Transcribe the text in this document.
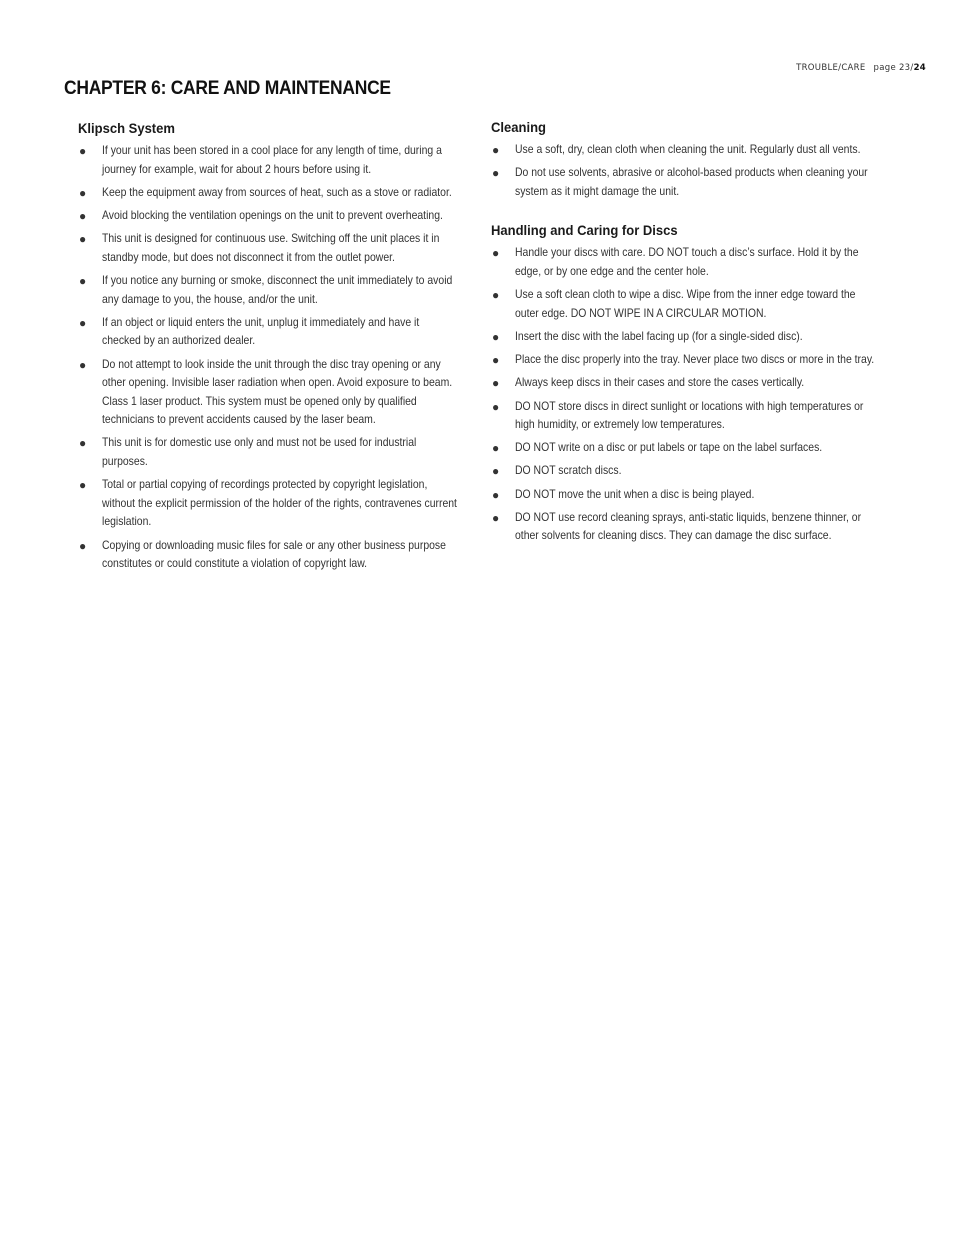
TROUBLE/CARE page 23/24
CHAPTER 6: CARE AND MAINTENANCE
Klipsch System
● If your unit has been stored in a cool place for any length of time, during a journey for example, wait for about 2 hours before using it.
● Keep the equipment away from sources of heat, such as a stove or radiator.
● Avoid blocking the ventilation openings on the unit to prevent overheating.
● This unit is designed for continuous use. Switching off the unit places it in standby mode, but does not disconnect it from the outlet power.
● If you notice any burning or smoke, disconnect the unit immediately to avoid any damage to you, the house, and/or the unit.
● If an object or liquid enters the unit, unplug it immediately and have it checked by an authorized dealer.
● Do not attempt to look inside the unit through the disc tray opening or any other opening. Invisible laser radiation when open. Avoid exposure to beam. Class 1 laser product. This system must be opened only by qualified technicians to prevent accidents caused by the laser beam.
● This unit is for domestic use only and must not be used for industrial purposes.
● Total or partial copying of recordings protected by copyright legislation, without the explicit permission of the holder of the rights, contravenes current legislation.
● Copying or downloading music files for sale or any other business purpose constitutes or could constitute a violation of copyright law.
Cleaning
● Use a soft, dry, clean cloth when cleaning the unit. Regularly dust all vents.
● Do not use solvents, abrasive or alcohol-based products when cleaning your system as it might damage the unit.
Handling and Caring for Discs
● Handle your discs with care. DO NOT touch a disc’s surface. Hold it by the edge, or by one edge and the center hole.
● Use a soft clean cloth to wipe a disc. Wipe from the inner edge toward the outer edge. DO NOT WIPE IN A CIRCULAR MOTION.
● Insert the disc with the label facing up (for a single-sided disc).
● Place the disc properly into the tray. Never place two discs or more in the tray.
● Always keep discs in their cases and store the cases vertically.
● DO NOT store discs in direct sunlight or locations with high temperatures or high humidity, or extremely low temperatures.
● DO NOT write on a disc or put labels or tape on the label surfaces.
● DO NOT scratch discs.
● DO NOT move the unit when a disc is being played.
● DO NOT use record cleaning sprays, anti-static liquids, benzene thinner, or other solvents for cleaning discs. They can damage the disc surface.
